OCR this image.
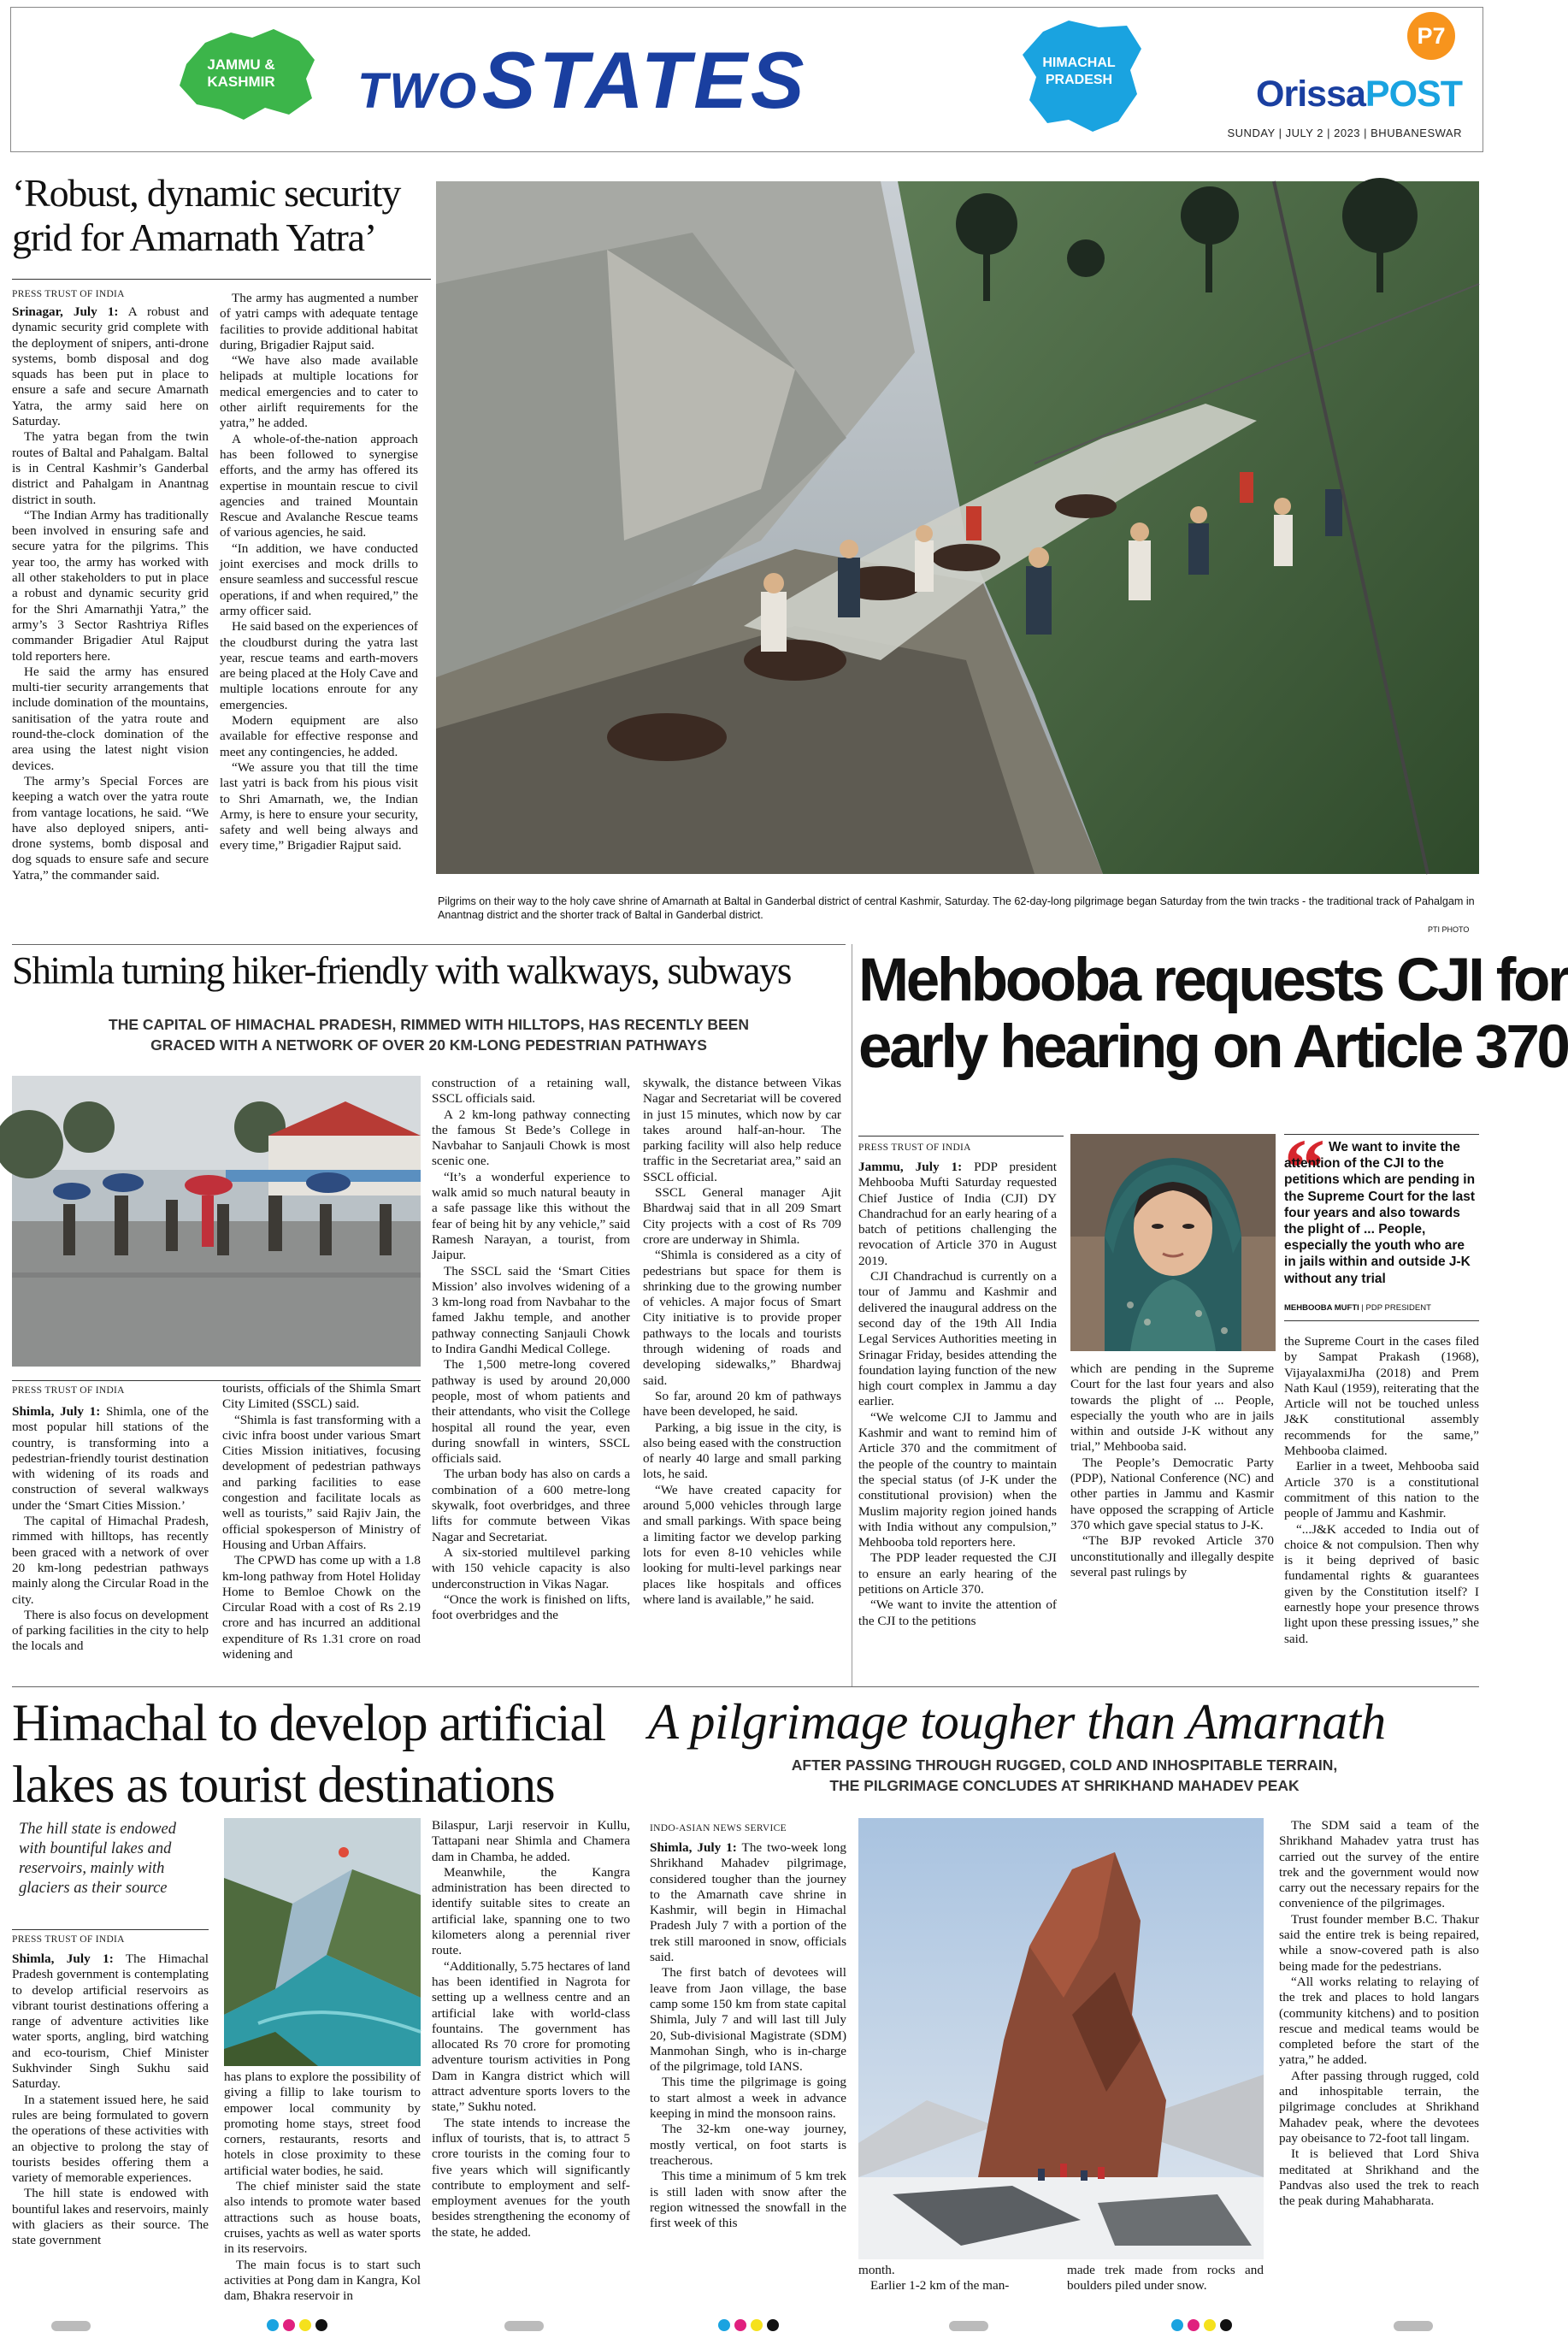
JAMMU & KASHMIR TWO STATES	HIMACHAL PRADESH
P7
OrissaPOST
SUNDAY | JULY 2 | 2023 | BHUBANESWAR
‘Robust, dynamic security
grid for Amarnath Yatra’
PRESS TRUST OF INDIA

Srinagar, July 1: A robust and dynamic security grid complete with the deployment of snipers, anti-drone systems, bomb disposal and dog squads has been put in place to ensure a safe and secure Amarnath Yatra, the army said here on Saturday.

The yatra began from the twin routes of Baltal and Pahalgam. Baltal is in Central Kashmir’s Ganderbal district and Pahalgam in Anantnag district in south.

“The Indian Army has traditionally been involved in ensuring safe and secure yatra for the pilgrims. This year too, the army has worked with all other stakeholders to put in place a robust and dynamic security grid for the Shri Amarnathji Yatra,” the army’s 3 Sector Rashtriya Rifles commander Brigadier Atul Rajput told reporters here.

He said the army has ensured multi-tier security arrangements that include domination of the mountains, sanitisation of the yatra route and round-the-clock domination of the area using the latest night vision devices.

The army’s Special Forces are keeping a watch over the yatra route from vantage locations, he said. “We have also deployed snipers, anti-drone systems, bomb disposal and dog squads to ensure safe and secure Yatra,” the commander said.

The army has augmented a number of yatri camps with adequate tentage facilities to provide additional habitat during, Brigadier Rajput said.

“We have also made available helipads at multiple locations for medical emergencies and to cater to other airlift requirements for the yatra,” he added.

A whole-of-the-nation approach has been followed to synergise efforts, and the army has offered its expertise in mountain rescue to civil agencies and trained Mountain Rescue and Avalanche Rescue teams of various agencies, he said.

“In addition, we have conducted joint exercises and mock drills to ensure seamless and successful rescue operations, if and when required,” the army officer said.

He said based on the experiences of the cloudburst during the yatra last year, rescue teams and earth-movers are being placed at the Holy Cave and multiple locations enroute for any emergencies.

Modern equipment are also available for effective response and meet any contingencies, he added.

“We assure you that till the time last yatri is back from his pious visit to Shri Amarnath, we, the Indian Army, is here to ensure your security, safety and well being always and every time,” Brigadier Rajput said.

Pilgrims on their way to the holy cave shrine of Amarnath at Baltal in Ganderbal district of central Kashmir, Saturday. The 62-day-long pilgrimage began Saturday from the twin tracks - the traditional track of Pahalgam in Anantnag district and the shorter track of Baltal in Ganderbal district.
PTI PHOTO
Shimla turning hiker-friendly with walkways, subways
THE CAPITAL OF HIMACHAL PRADESH, RIMMED WITH HILLTOPS, HAS RECENTLY BEEN
GRACED WITH A NETWORK OF OVER 20 KM-LONG PEDESTRIAN PATHWAYS
PRESS TRUST OF INDIA

Shimla, July 1: Shimla, one of the most popular hill stations of the country, is transforming into a pedestrian-friendly tourist destination with widening of its roads and construction of several walkways under the ‘Smart Cities Mission.’

The capital of Himachal Pradesh, rimmed with hilltops, has recently been graced with a network of over 20 km-long pedestrian pathways mainly along the Circular Road in the city.

There is also focus on development of parking facilities in the city to help the locals and

tourists, officials of the Shimla Smart City Limited (SSCL) said.

“Shimla is fast transforming with a civic infra boost under various Smart Cities Mission initiatives, focusing development of pedestrian pathways and parking facilities to ease congestion and facilitate locals as well as tourists,” said Rajiv Jain, the official spokesperson of Ministry of Housing and Urban Affairs.

The CPWD has come up with a 1.8 km-long pathway from Hotel Holiday Home to Bemloe Chowk on the Circular Road with a cost of Rs 2.19 crore and has incurred an additional expenditure of Rs 1.31 crore on road widening and

construction of a retaining wall, SSCL officials said.

A 2 km-long pathway connecting the famous St Bede’s College in Navbahar to Sanjauli Chowk is most scenic one.

“It’s a wonderful experience to walk amid so much natural beauty in a safe passage like this without the fear of being hit by any vehicle,” said Ramesh Narayan, a tourist, from Jaipur.

The SSCL said the ‘Smart Cities Mission’ also involves widening of a 3 km-long road from Navbahar to the famed Jakhu temple, and another pathway connecting Sanjauli Chowk to Indira Gandhi Medical College.

The 1,500 metre-long covered pathway is used by around 20,000 people, most of whom patients and their attendants, who visit the College hospital all round the year, even during snowfall in winters, SSCL officials said.

The urban body has also on cards a combination of a 600 metre-long skywalk, foot overbridges, and three lifts for commute between Vikas Nagar and Secretariat.

A six-storied multilevel parking with 150 vehicle capacity is also underconstruction in Vikas Nagar.

“Once the work is finished on lifts, foot overbridges and the

skywalk, the distance between Vikas Nagar and Secretariat will be covered in just 15 minutes, which now by car takes around half-an-hour. The parking facility will also help reduce traffic in the Secretariat area,” said an SSCL official.

SSCL General manager Ajit Bhardwaj said that in all 209 Smart City projects with a cost of Rs 709 crore are underway in Shimla.

“Shimla is considered as a city of pedestrians but space for them is shrinking due to the growing number of vehicles. A major focus of Smart City initiative is to provide proper pathways to the locals and tourists through widening of roads and developing sidewalks,” Bhardwaj said.

So far, around 20 km of pathways have been developed, he said.

Parking, a big issue in the city, is also being eased with the construction of nearly 40 large and small parking lots, he said.

“We have created capacity for around 5,000 vehicles through large and small parkings. With space being a limiting factor we develop parking lots for even 8-10 vehicles while looking for multi-level parkings near places like hospitals and offices where land is available,” he said.

Mehbooba requests CJI for
early hearing on Article 370
PRESS TRUST OF INDIA

Jammu, July 1: PDP president Mehbooba Mufti Saturday requested Chief Justice of India (CJI) DY Chandrachud for an early hearing of a batch of petitions challenging the revocation of Article 370 in August 2019.

CJI Chandrachud is currently on a tour of Jammu and Kashmir and delivered the inaugural address on the second day of the 19th All India Legal Services Authorities meeting in Srinagar Friday, besides attending the foundation laying function of the new high court complex in Jammu a day earlier.

“We welcome CJI to Jammu and Kashmir and want to remind him of Article 370 and the commitment of the people of the country to maintain the special status (of J-K under the constitutional provision) when the Muslim majority region joined hands with India without any compulsion,” Mehbooba told reporters here.

The PDP leader requested the CJI to ensure an early hearing of the petitions on Article 370.

“We want to invite the attention of the CJI to the petitions

which are pending in the Supreme Court for the last four years and also towards the plight of ... People, especially the youth who are in jails within and outside J-K without any trial,” Mehbooba said.

The People’s Democratic Party (PDP), National Conference (NC) and other parties in Jammu and Kasmir have opposed the scrapping of Article 370 which gave special status to J-K.

“The BJP revoked Article 370 unconstitutionally and illegally despite several past rulings by

“ We want to invite the attention of the CJI to the petitions which are pending in the Supreme Court for the last four years and also towards the plight of ... People, especially the youth who are in jails within and outside J-K without any trial
MEHBOOBA MUFTI | PDP PRESIDENT

the Supreme Court in the cases filed by Sampat Prakash (1968), VijayalaxmiJha (2018) and Prem Nath Kaul (1959), reiterating that the Article will not be touched unless J&K constitutional assembly recommends for the same,” Mehbooba claimed.

Earlier in a tweet, Mehbooba said Article 370 is a constitutional commitment of this nation to the people of Jammu and Kashmir.

“...J&K acceded to India out of choice & not compulsion. Then why is it being deprived of basic fundamental rights & guarantees given by the Constitution itself? I earnestly hope your presence throws light upon these pressing issues,” she said.

Himachal to develop artificial
lakes as tourist destinations
The hill state is endowed with bountiful lakes and reservoirs, mainly with glaciers as their source
PRESS TRUST OF INDIA

Shimla, July 1: The Himachal Pradesh government is contemplating to develop artificial reservoirs as vibrant tourist destinations offering a range of adventure activities like water sports, angling, bird watching and eco-tourism, Chief Minister Sukhvinder Singh Sukhu said Saturday.

In a statement issued here, he said rules are being formulated to govern the operations of these activities with an objective to prolong the stay of tourists besides offering them a variety of memorable experiences.

The hill state is endowed with bountiful lakes and reservoirs, mainly with glaciers as their source. The state government

has plans to explore the possibility of giving a fillip to lake tourism to empower local community by promoting home stays, street food corners, restaurants, resorts and hotels in close proximity to these artificial water bodies, he said.

The chief minister said the state also intends to promote water based attractions such as house boats, cruises, yachts as well as water sports in its reservoirs.

The main focus is to start such activities at Pong dam in Kangra, Kol dam, Bhakra reservoir in

Bilaspur, Larji reservoir in Kullu, Tattapani near Shimla and Chamera dam in Chamba, he added.

Meanwhile, the Kangra administration has been directed to identify suitable sites to create an artificial lake, spanning one to two kilometers along a perennial river route.

“Additionally, 5.75 hectares of land has been identified in Nagrota for setting up a wellness centre and an artificial lake with world-class fountains. The government has allocated Rs 70 crore for promoting adventure tourism activities in Pong Dam in Kangra district which will attract adventure sports lovers to the state,” Sukhu noted.

The state intends to increase the influx of tourists, that is, to attract 5 crore tourists in the coming four to five years which will significantly contribute to employment and self-employment avenues for the youth besides strengthening the economy of the state, he added.

A pilgrimage tougher than Amarnath
AFTER PASSING THROUGH RUGGED, COLD AND INHOSPITABLE TERRAIN,
THE PILGRIMAGE CONCLUDES AT SHRIKHAND MAHADEV PEAK
INDO-ASIAN NEWS SERVICE

Shimla, July 1: The two-week long Shrikhand Mahadev pilgrimage, considered tougher than the journey to the Amarnath cave shrine in Kashmir, will begin in Himachal Pradesh July 7 with a portion of the trek still marooned in snow, officials said.

The first batch of devotees will leave from Jaon village, the base camp some 150 km from state capital Shimla, July 7 and will last till July 20, Sub-divisional Magistrate (SDM) Manmohan Singh, who is in-charge of the pilgrimage, told IANS.

This time the pilgrimage is going to start almost a week in advance keeping in mind the monsoon rains.

The 32-km one-way journey, mostly vertical, on foot starts is treacherous.

This time a minimum of 5 km trek is still laden with snow after the region witnessed the snowfall in the first week of this

month.

Earlier 1-2 km of the man-

made trek made from rocks and boulders piled under snow.

The SDM said a team of the Shrikhand Mahadev yatra trust has carried out the survey of the entire trek and the government would now carry out the necessary repairs for the convenience of the pilgrimages.

Trust founder member B.C. Thakur said the entire trek is being repaired, while a snow-covered path is also being made for the pedestrians.

“All works relating to relaying of the trek and places to hold langars (community kitchens) and to position rescue and medical teams would be completed before the start of the yatra,” he added.

After passing through rugged, cold and inhospitable terrain, the pilgrimage concludes at Shrikhand Mahadev peak, where the devotees pay obeisance to 72-foot tall lingam.

It is believed that Lord Shiva meditated at Shrikhand and the Pandvas also used the trek to reach the peak during Mahabharata.
